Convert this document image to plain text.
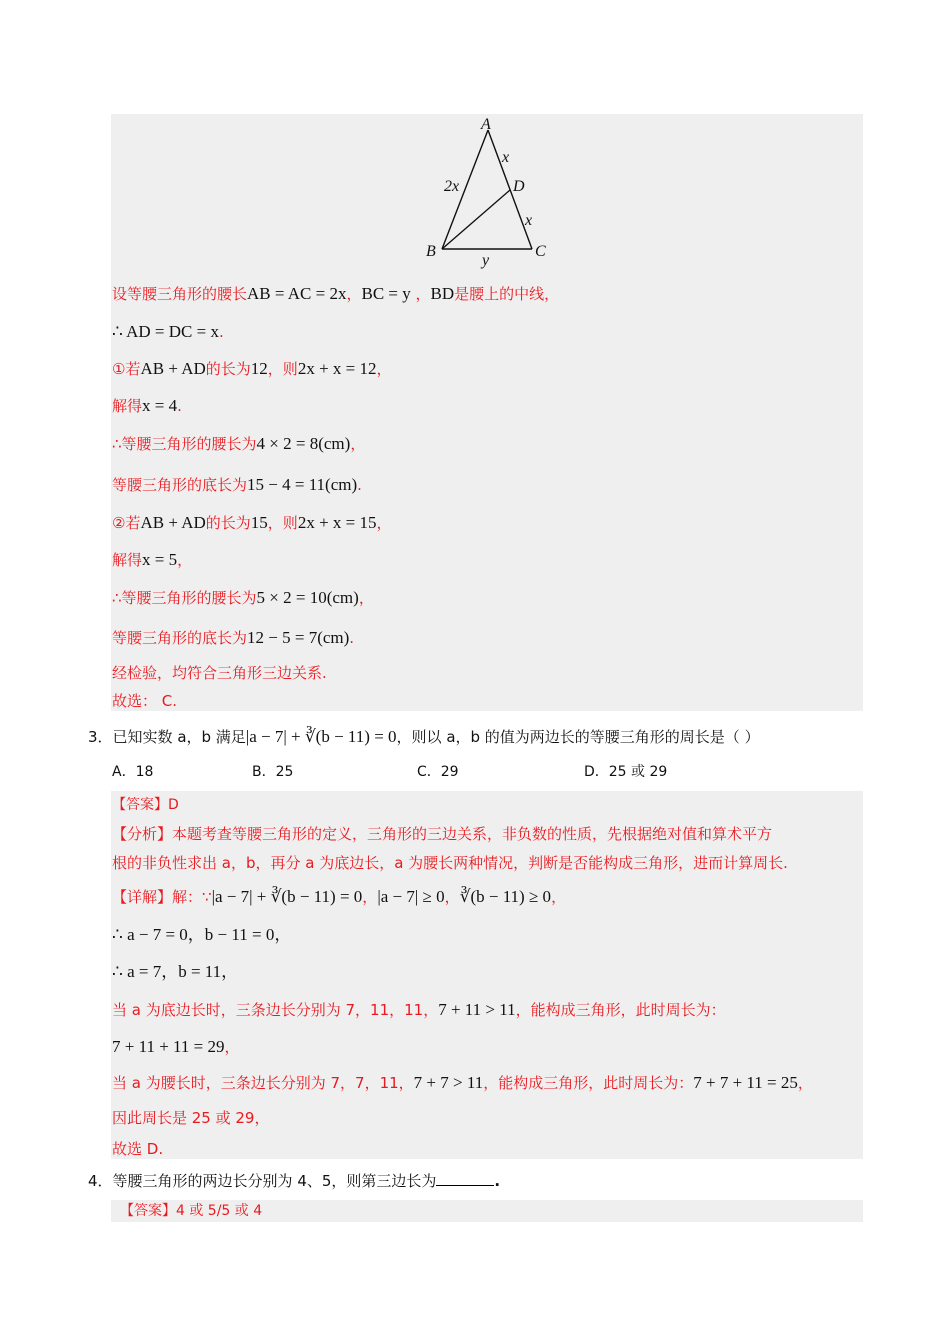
A
B	C
D
x
x
2x
y
设等腰三角形的腰长AB = AC = 2x，BC = y ，BD是腰上的中线，
∴ AD = DC = x.
①若AB + AD的长为12，则2x + x = 12，
解得x = 4.
∴等腰三角形的腰长为4 × 2 = 8(cm)，
等腰三角形的底长为15 − 4 = 11(cm).
②若AB + AD的长为15，则2x + x = 15，
解得x = 5，
∴等腰三角形的腰长为5 × 2 = 10(cm)，
等腰三角形的底长为12 − 5 = 7(cm).
经检验，均符合三角形三边关系.
故选： C.
3．已知实数 a，b 满足|a − 7| + ∛(b − 11) = 0，则以 a，b 的值为两边长的等腰三角形的周长是（ ）
A．18	B．25	C．29	D．25 或 29
【答案】D
【分析】本题考查等腰三角形的定义，三角形的三边关系，非负数的性质，先根据绝对值和算术平方
根的非负性求出 a，b，再分 a 为底边长，a 为腰长两种情况，判断是否能构成三角形，进而计算周长.
【详解】解：∵|a − 7| + ∛(b − 11) = 0，|a − 7| ≥ 0，∛(b − 11) ≥ 0，
∴ a − 7 = 0，b − 11 = 0，
∴ a = 7，b = 11，
当 a 为底边长时，三条边长分别为 7，11，11，7 + 11 > 11，能构成三角形，此时周长为：
7 + 11 + 11 = 29，
当 a 为腰长时，三条边长分别为 7，7，11，7 + 7 > 11，能构成三角形，此时周长为：7 + 7 + 11 = 25，
因此周长是 25 或 29，
故选 D.
4．等腰三角形的两边长分别为 4、5，则第三边长为	.
【答案】4 或 5/5 或 4
